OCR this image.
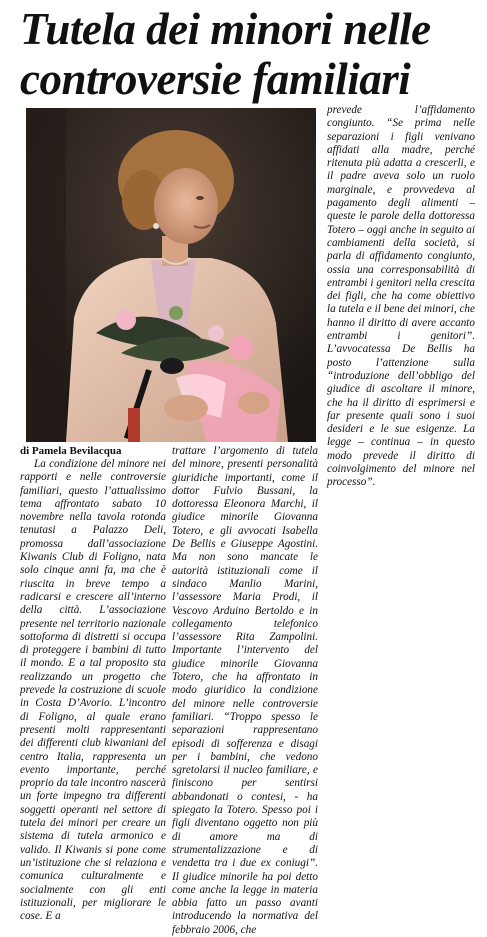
Tutela dei minori nelle
controversie familiari
di Pamela Bevilacqua

La condizione del minore nei rapporti e nelle controversie familiari, questo l’attualissimo tema affrontato sabato 10 novembre nella tavola rotonda tenutasi a Palazzo Deli, promossa dall’associazione Kiwanis Club di Foligno, nata solo cinque anni fa, ma che è riuscita in breve tempo a radicarsi e crescere all’interno della città. L’associazione presente nel territorio nazionale sottoforma di distretti si occupa di proteggere i bambini di tutto il mondo. E a tal proposito sta realizzando un progetto che prevede la costruzione di scuole in Costa D’Avorio. L’incontro di Foligno, al quale erano presenti molti rappresentanti dei differenti club kiwaniani del centro Italia, rappresenta un evento importante, perché proprio da tale incontro nascerà un forte impegno tra differenti soggetti operanti nel settore di tutela dei minori per creare un sistema di tutela armonico e valido. Il Kiwanis si pone come un’istituzione che si relaziona e comunica culturalmente e socialmente con gli enti istituzionali, per migliorare le cose. E a

trattare l’argomento di tutela del minore, presenti personalità giuridiche importanti, come il dottor Fulvio Bussani, la dottoressa Eleonora Marchi, il giudice minorile Giovanna Totero, e gli avvocati Isabella De Bellis e Giuseppe Agostini. Ma non sono mancate le autorità istituzionali come il sindaco Manlio Marini, l’assessore Maria Prodi, il Vescovo Arduino Bertoldo e in collegamento telefonico l’assessore Rita Zampolini. Importante l’intervento del giudice minorile Giovanna Totero, che ha affrontato in modo giuridico la condizione del minore nelle controversie familiari. “Troppo spesso le separazioni rappresentano episodi di sofferenza e disagi per i bambini, che vedono sgretolarsi il nucleo familiare, e finiscono per sentirsi abbandonati o contesi, - ha spiegato la Totero. Spesso poi i figli diventano oggetto non più di amore ma di strumentalizzazione e di vendetta tra i due ex coniugi”. Il giudice minorile ha poi detto come anche la legge in materia abbia fatto un passo avanti introducendo la normativa del febbraio 2006, che

prevede l’affidamento congiunto. “Se prima nelle separazioni i figli venivano affidati alla madre, perché ritenuta più adatta a crescerli, e il padre aveva solo un ruolo marginale, e provvedeva al pagamento degli alimenti – queste le parole della dottoressa Totero – oggi anche in seguito ai cambiamenti della società, si parla di affidamento congiunto, ossia una corresponsabilità di entrambi i genitori nella crescita dei figli, che ha come obiettivo la tutela e il bene dei minori, che hanno il diritto di avere accanto entrambi i genitori”. L’avvocatessa De Bellis ha posto l’attenzione sulla “introduzione dell’obbligo del giudice di ascoltare il minore, che ha il diritto di esprimersi e far presente quali sono i suoi desideri e le sue esigenze. La legge – continua – in questo modo prevede il diritto di coinvolgimento del minore nel processo”.
